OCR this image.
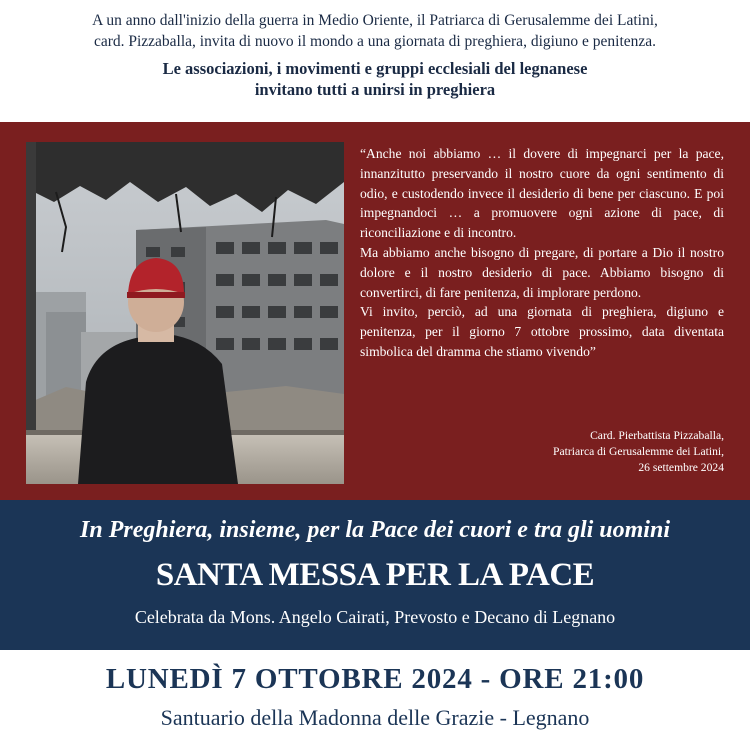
A un anno dall'inizio della guerra in Medio Oriente, il Patriarca di Gerusalemme dei Latini,
card. Pizzaballa, invita di nuovo il mondo a una giornata di preghiera, digiuno e penitenza.

Le associazioni, i movimenti e gruppi ecclesiali del legnanese
invitano tutti a unirsi in preghiera

“Anche noi abbiamo … il dovere di impegnarci per la pace, innanzitutto preservando il nostro cuore da ogni sentimento di odio, e custodendo invece il desiderio di bene per ciascuno. E poi impegnandoci … a promuovere ogni azione di pace, di riconciliazione e di incontro.

Ma abbiamo anche bisogno di pregare, di portare a Dio il nostro dolore e il nostro desiderio di pace. Abbiamo bisogno di convertirci, di fare penitenza, di implorare perdono.

Vi invito, perciò, ad una giornata di preghiera, digiuno e penitenza, per il giorno 7 ottobre prossimo, data diventata simbolica del dramma che stiamo vivendo”

Card. Pierbattista Pizzaballa,
Patriarca di Gerusalemme dei Latini,
26 settembre 2024
In Preghiera, insieme, per la Pace dei cuori e tra gli uomini
SANTA MESSA PER LA PACE
Celebrata da Mons. Angelo Cairati, Prevosto e Decano di Legnano
LUNEDÌ 7 OTTOBRE 2024 - ORE 21:00
Santuario della Madonna delle Grazie - Legnano
